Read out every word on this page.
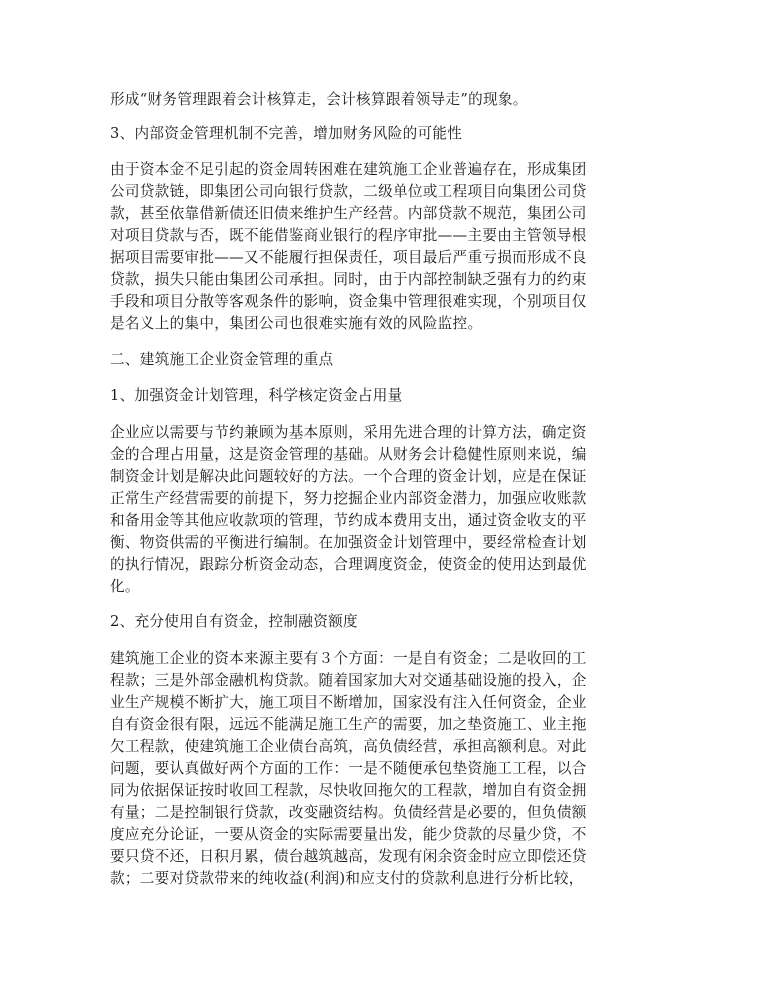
形成“财务管理跟着会计核算走，会计核算跟着领导走”的现象。
3、内部资金管理机制不完善，增加财务风险的可能性
由于资本金不足引起的资金周转困难在建筑施工企业普遍存在，形成集团
公司贷款链，即集团公司向银行贷款，二级单位或工程项目向集团公司贷
款，甚至依靠借新债还旧债来维护生产经营。内部贷款不规范，集团公司
对项目贷款与否，既不能借鉴商业银行的程序审批——主要由主管领导根
据项目需要审批——又不能履行担保责任，项目最后严重亏损而形成不良
贷款，损失只能由集团公司承担。同时，由于内部控制缺乏强有力的约束
手段和项目分散等客观条件的影响，资金集中管理很难实现，个别项目仅
是名义上的集中，集团公司也很难实施有效的风险监控。
二、建筑施工企业资金管理的重点
1、加强资金计划管理，科学核定资金占用量
企业应以需要与节约兼顾为基本原则，采用先进合理的计算方法，确定资
金的合理占用量，这是资金管理的基础。从财务会计稳健性原则来说，编
制资金计划是解决此问题较好的方法。一个合理的资金计划，应是在保证
正常生产经营需要的前提下，努力挖掘企业内部资金潜力，加强应收账款
和备用金等其他应收款项的管理，节约成本费用支出，通过资金收支的平
衡、物资供需的平衡进行编制。在加强资金计划管理中，要经常检查计划
的执行情况，跟踪分析资金动态，合理调度资金，使资金的使用达到最优
化。
2、充分使用自有资金，控制融资额度
建筑施工企业的资本来源主要有３个方面：一是自有资金；二是收回的工
程款；三是外部金融机构贷款。随着国家加大对交通基础设施的投入，企
业生产规模不断扩大，施工项目不断增加，国家没有注入任何资金，企业
自有资金很有限，远远不能满足施工生产的需要，加之垫资施工、业主拖
欠工程款，使建筑施工企业债台高筑，高负债经营，承担高额利息。对此
问题，要认真做好两个方面的工作：一是不随便承包垫资施工工程，以合
同为依据保证按时收回工程款，尽快收回拖欠的工程款，增加自有资金拥
有量；二是控制银行贷款，改变融资结构。负债经营是必要的，但负债额
度应充分论证，一要从资金的实际需要量出发，能少贷款的尽量少贷，不
要只贷不还，日积月累，债台越筑越高，发现有闲余资金时应立即偿还贷
款；二要对贷款带来的纯收益(利润)和应支付的贷款利息进行分析比较，
